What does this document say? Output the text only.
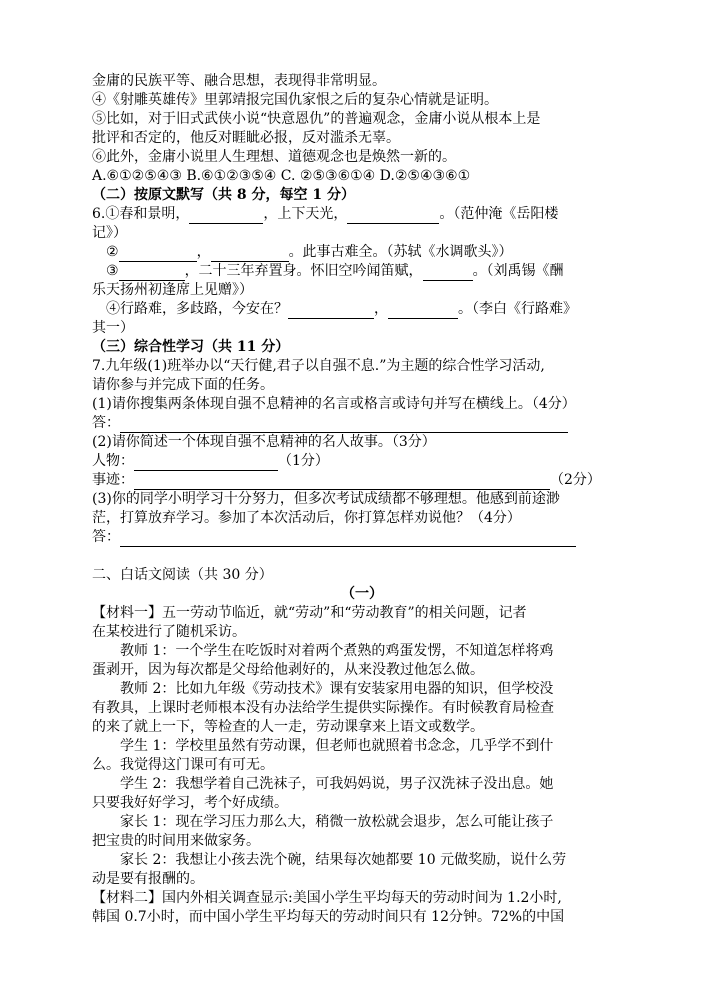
金庸的民族平等、融合思想，表现得非常明显。
④《射雕英雄传》里郭靖报完国仇家恨之后的复杂心情就是证明。
⑤比如，对于旧式武侠小说“快意恩仇”的普遍观念，金庸小说从根本上是
批评和否定的，他反对睚眦必报，反对滥杀无辜。
⑥此外，金庸小说里人生理想、道德观念也是焕然一新的。
A.⑥①②⑤④③ B.⑥①②③⑤④ C. ②⑤③⑥①④ D.②⑤④③⑥①
（二）按原文默写（共 8 分，每空 1 分）
6.①春和景明，	，上下天光，	。（范仲淹《岳阳楼
记》）
②	，	。此事古难全。（苏轼《水调歌头》）
③	，二十三年弃置身。怀旧空吟闻笛赋，	。（刘禹锡《酬
乐天扬州初逢席上见赠》）
④行路难，多歧路，今安在？	，	。（李白《行路难》
其一）
（三）综合性学习（共 11 分）
7.九年级(1)班举办以“天行健,君子以自强不息.”为主题的综合性学习活动,
请你参与并完成下面的任务。
(1)请你搜集两条体现自强不息精神的名言或格言或诗句并写在横线上。（4分）
答：
(2)请你简述一个体现自强不息精神的名人故事。（3分）
人物：	（1分）
事迹：	（2分）
(3)你的同学小明学习十分努力，但多次考试成绩都不够理想。他感到前途渺
茫，打算放弃学习。参加了本次活动后，你打算怎样劝说他？（4分）
答：
二、白话文阅读（共 30 分）
（一）
【材料一】五一劳动节临近，就“劳动”和“劳动教育”的相关问题，记者
在某校进行了随机采访。
教师 1：一个学生在吃饭时对着两个煮熟的鸡蛋发愣，不知道怎样将鸡
蛋剥开，因为每次都是父母给他剥好的，从来没教过他怎么做。
教师 2：比如九年级《劳动技术》课有安装家用电器的知识，但学校没
有教具，上课时老师根本没有办法给学生提供实际操作。有时候教育局检查
的来了就上一下，等检查的人一走，劳动课拿来上语文或数学。
学生 1：学校里虽然有劳动课，但老师也就照着书念念，几乎学不到什
么。我觉得这门课可有可无。
学生 2：我想学着自己洗袜子，可我妈妈说，男子汉洗袜子没出息。她
只要我好好学习，考个好成绩。
家长 1：现在学习压力那么大，稍微一放松就会退步，怎么可能让孩子
把宝贵的时间用来做家务。
家长 2：我想让小孩去洗个碗，结果每次她都要 10 元做奖励，说什么劳
动是要有报酬的。
【材料二】国内外相关调查显示:美国小学生平均每天的劳动时间为 1.2小时,
韩国 0.7小时，而中国小学生平均每天的劳动时间只有 12分钟。72%的中国
